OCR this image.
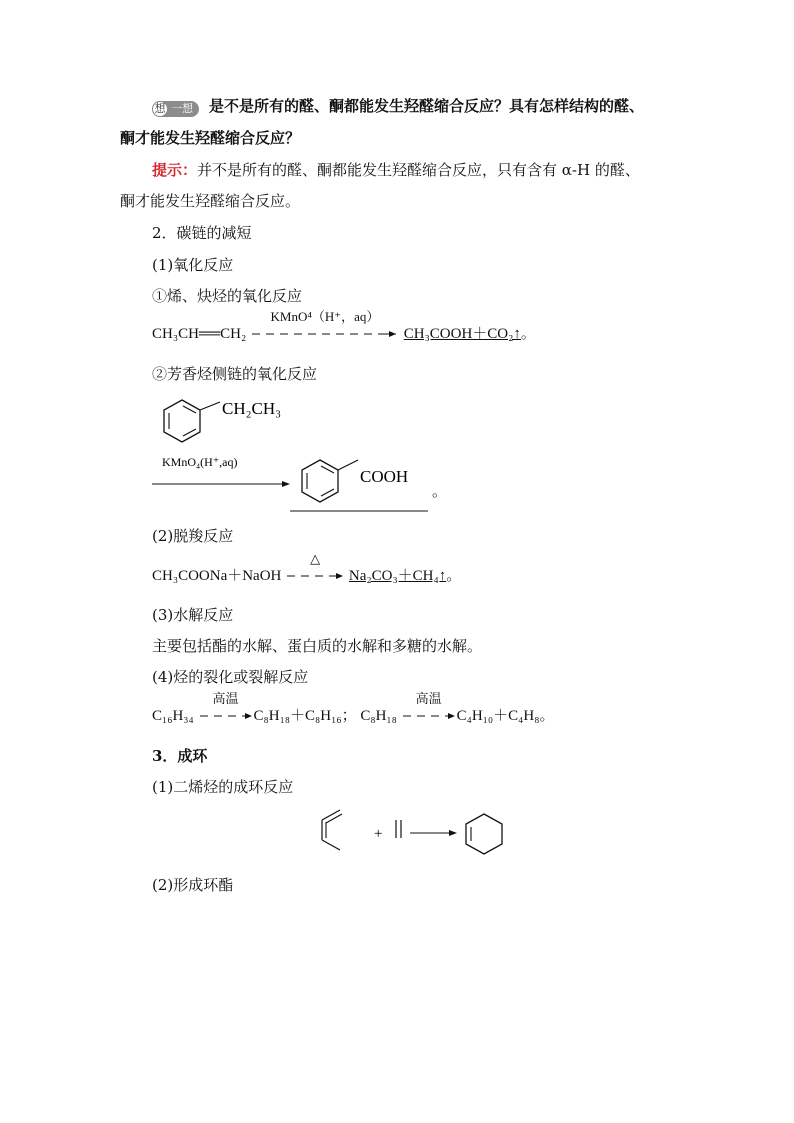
想 一想 是不是所有的醛、酮都能发生羟醛缩合反应？具有怎样结构的醛、
酮才能发生羟醛缩合反应？
提示：并不是所有的醛、酮都能发生羟醛缩合反应，只有含有 α-H 的醛、
酮才能发生羟醛缩合反应。
2．碳链的减短
(1)氧化反应
①烯、炔烃的氧化反应
CH₃CH══CH₂
KMnO⁴（H⁺，aq）
CH₃COOH＋CO₂↑。
②芳香烃侧链的氧化反应
CH₂CH₃
KMnO₄(H⁺,aq)
COOH
。
(2)脱羧反应
CH₃COONa＋NaOH
△
Na₂CO₃＋CH₄↑。
(3)水解反应
主要包括酯的水解、蛋白质的水解和多糖的水解。
(4)烃的裂化或裂解反应
C₁₆H₃₄
高温
C₈H₁₈＋C₈H₁₆； C₈H₁₈
高温
C₄H₁₀＋C₄H₈。
3．成环
(1)二烯烃的成环反应
+
(2)形成环酯
